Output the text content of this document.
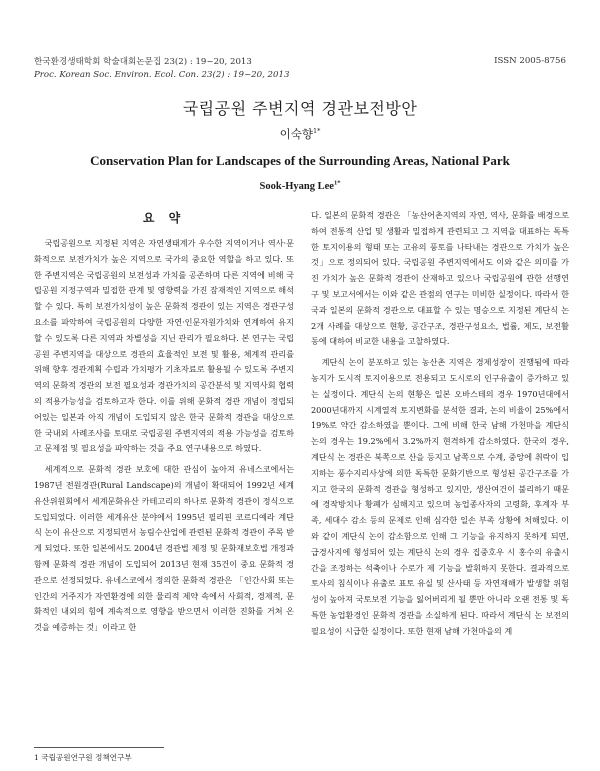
한국환경생태학회 학술대회논문집 23(2) : 19~20, 2013
Proc. Korean Soc. Environ. Ecol. Con. 23(2) : 19~20, 2013
ISSN 2005-8756
국립공원 주변지역 경관보전방안
이숙향$^{1*}$
Conservation Plan for Landscapes of the Surrounding Areas, National Park
Sook-Hyang Lee$^{1*}$
요 약

국립공원으로 지정된 지역은 자연생태계가 우수한 지역이거나 역사·문화적으로 보전가치가 높은 지역으로 국가의 중요한 역할을 하고 있다. 또한 주변지역은 국립공원의 보전성과 가치를 공존하며 다른 지역에 비해 국립공원 지정구역과 밀접한 관계 및 영향력을 가진 잠재적인 지역으로 해석할 수 있다. 특히 보전가치성이 높은 문화적 경관이 있는 지역은 경관구성요소를 파악하여 국립공원의 다양한 자연·인문자원가치와 연계하여 유지할 수 있도록 다른 지역과 차별성을 지닌 관리가 필요하다. 본 연구는 국립공원 주변지역을 대상으로 경관의 효율적인 보전 및 활용, 체계적 관리를 위해 향후 경관계획 수립과 가치평가 기초자료로 활용될 수 있도록 주변지역의 문화적 경관의 보전 필요성과 경관가치의 공간분석 및 지역사회 협력의 적용가능성을 검토하고자 한다. 이를 위해 문화적 경관 개념이 정립되어있는 일본과 아직 개념이 도입되지 않은 한국 문화적 경관을 대상으로 한 국내외 사례조사를 토대로 국립공원 주변지역의 적용 가능성을 검토하고 문제점 및 필요성을 파악하는 것을 주요 연구내용으로 하였다.

세계적으로 문화적 경관 보호에 대한 관심이 높아져 유네스코에서는 1987년 전원경관(Rural Landscape)의 개념이 확대되어 1992년 세계유산위원회에서 세계문화유산 카테고리의 하나로 문화적 경관이 정식으로 도입되었다. 이러한 세계유산 분야에서 1995년 필리핀 코르디예라 계단식 논이 유산으로 지정되면서 농림수산업에 관련된 문화적 경관이 주목 받게 되었다. 또한 일본에서도 2004년 경관법 제정 및 문화재보호법 개정과 함께 문화적 경관 개념이 도입되어 2013년 현재 35건이 중요 문화적 경관으로 선정되었다. 유네스코에서 정의한 문화적 경관은 「인간사회 또는 인간의 거주지가 자연환경에 의한 물리적 제약 속에서 사회적, 경제적, 문화적인 내외의 힘에 계속적으로 영향을 받으면서 이러한 진화를 거쳐 온 것을 예증하는 것」이라고 한

다. 일본의 문화적 경관은 「농산어촌지역의 자연, 역사, 문화를 배경으로 하여 전통적 산업 및 생활과 밀접하게 관련되고 그 지역을 대표하는 독특한 토지이용의 형태 또는 고유의 풍토를 나타내는 경관으로 가치가 높은 것」으로 정의되어 있다. 국립공원 주변지역에서도 이와 같은 의미를 가진 가치가 높은 문화적 경관이 산재하고 있으나 국립공원에 관한 선행연구 및 보고서에서는 이와 같은 관점의 연구는 미비한 실정이다. 따라서 한국과 일본의 문화적 경관으로 대표할 수 있는 명승으로 지정된 계단식 논 2개 사례를 대상으로 현황, 공간구조, 경관구성요소, 법률, 제도, 보전활동에 대하여 비교한 내용을 고찰하였다.

계단식 논이 분포하고 있는 농산촌 지역은 경제성장이 진행됨에 따라 농지가 도시적 토지이용으로 전용되고 도시로의 인구유출이 증가하고 있는 실정이다. 계단식 논의 현황은 일본 오바스테의 경우 1970년대에서 2000년대까지 시계열적 토지변화를 분석한 결과, 논의 비율이 25%에서 19%로 약간 감소하였을 뿐이다. 그에 비해 한국 남해 가천마을 계단식 논의 경우는 19.2%에서 3.2%까지 현격하게 감소하였다. 한국의 경우, 계단식 논 경관은 북쪽으로 산을 등지고 남쪽으로 수계, 중앙에 취락이 입지하는 풍수지리사상에 의한 독특한 문화기반으로 형성된 공간구조를 가지고 한국의 문화적 경관을 형성하고 있지만, 생산여건이 불리하기 때문에 경작방치나 황폐가 심해지고 있으며 농업종사자의 고령화, 후계자 부족, 세대수 감소 등의 문제로 인해 심각한 일손 부족 상황에 처해있다. 이와 같이 계단식 논이 감소함으로 인해 그 기능을 유지하지 못하게 되면, 급경사지에 형성되어 있는 계단식 논의 경우 집중호우 시 홍수의 유출시간을 조정하는 석축이나 수로가 제 기능을 발휘하지 못한다. 결과적으로 토사의 침식이나 유출로 표토 유실 및 산사태 등 자연재해가 발생할 위험성이 높아져 국토보전 기능을 잃어버리게 될 뿐만 아니라 오랜 전통 및 독특한 농업환경인 문화적 경관을 소실하게 된다. 따라서 계단식 논 보전의 필요성이 시급한 실정이다. 또한 현재 남해 가천마을의 계

1 국립공원연구원 정책연구부
